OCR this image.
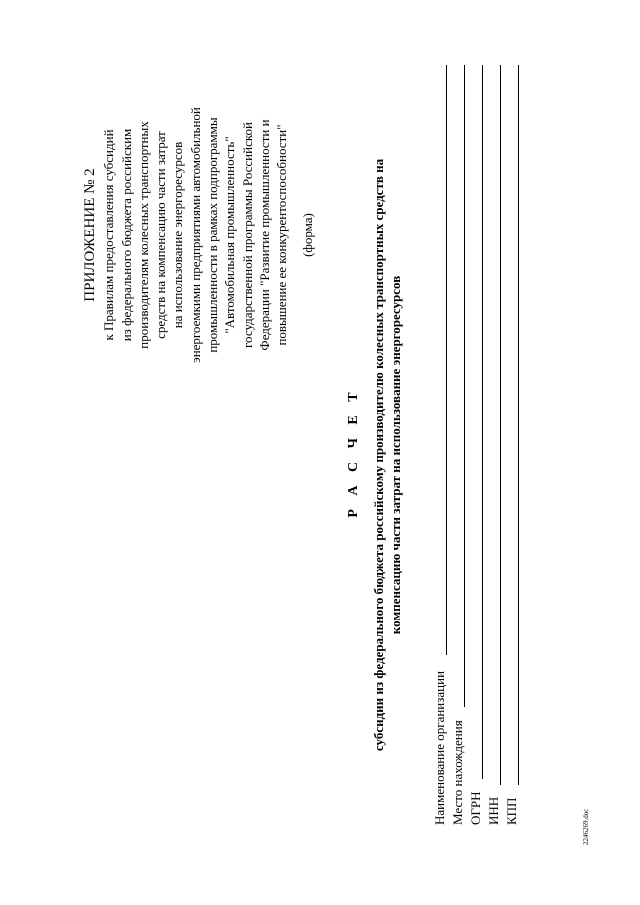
ПРИЛОЖЕНИЕ № 2 к Правилам предоставления субсидий из федерального бюджета российским производителям колесных транспортных средств на компенсацию части затрат на использование энергоресурсов энергоемкими предприятиями автомобильной промышленности в рамках подпрограммы "Автомобильная промышленность" государственной программы Российской Федерации "Развитие промышленности и повышение ее конкурентоспособности" (форма)
Р А С Ч Е Т субсидии из федерального бюджета российскому производителю колесных транспортных средств на компенсацию части затрат на использование энергоресурсов
Наименование организации Место нахождения ОГРН ИНН КПП	2246269.doc
